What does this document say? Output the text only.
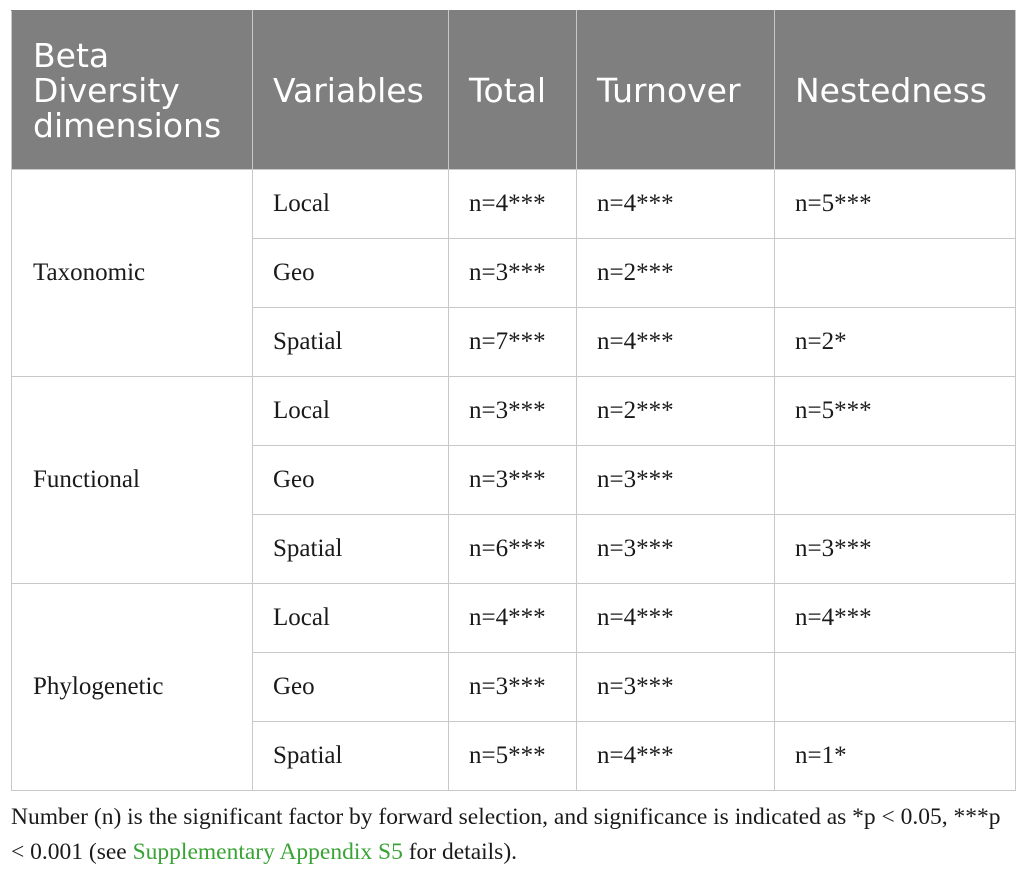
Beta Diversity dimensions	Variables	Total	Turnover	Nestedness
Taxonomic	Local	n=4***	n=4***	n=5***
	Geo	n=3***	n=2***	
	Spatial	n=7***	n=4***	n=2*
Functional	Local	n=3***	n=2***	n=5***
	Geo	n=3***	n=3***	
	Spatial	n=6***	n=3***	n=3***
Phylogenetic	Local	n=4***	n=4***	n=4***
	Geo	n=3***	n=3***	
	Spatial	n=5***	n=4***	n=1*

Number (n) is the significant factor by forward selection, and significance is indicated as *p < 0.05, ***p < 0.001 (see Supplementary Appendix S5 for details).
